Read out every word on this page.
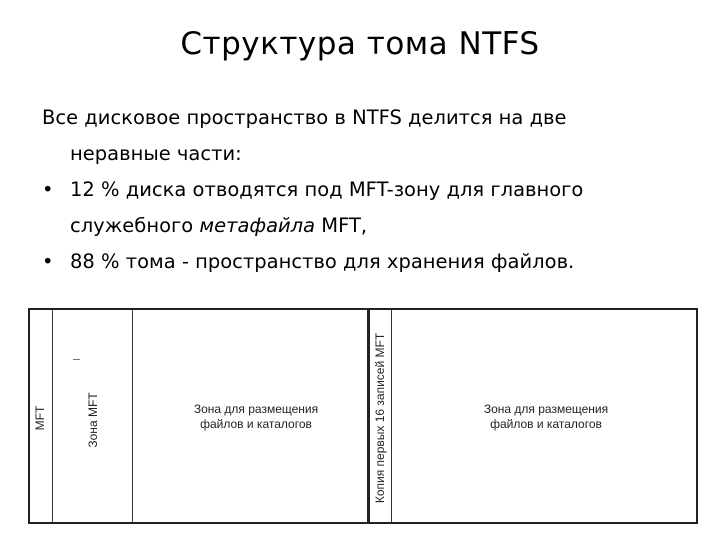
Структура тома NTFS
Все дисковое пространство в NTFS делится на две
неравные части:
• 12 % диска отводятся под MFT-зону для главного
служебного метафайла MFT,
• 88 % тома - пространство для хранения файлов.
MFT	Зона MFT	Зона для размещения
файлов и каталогов	Копия первых 16 записей MFT	Зона для размещения
файлов и каталогов
